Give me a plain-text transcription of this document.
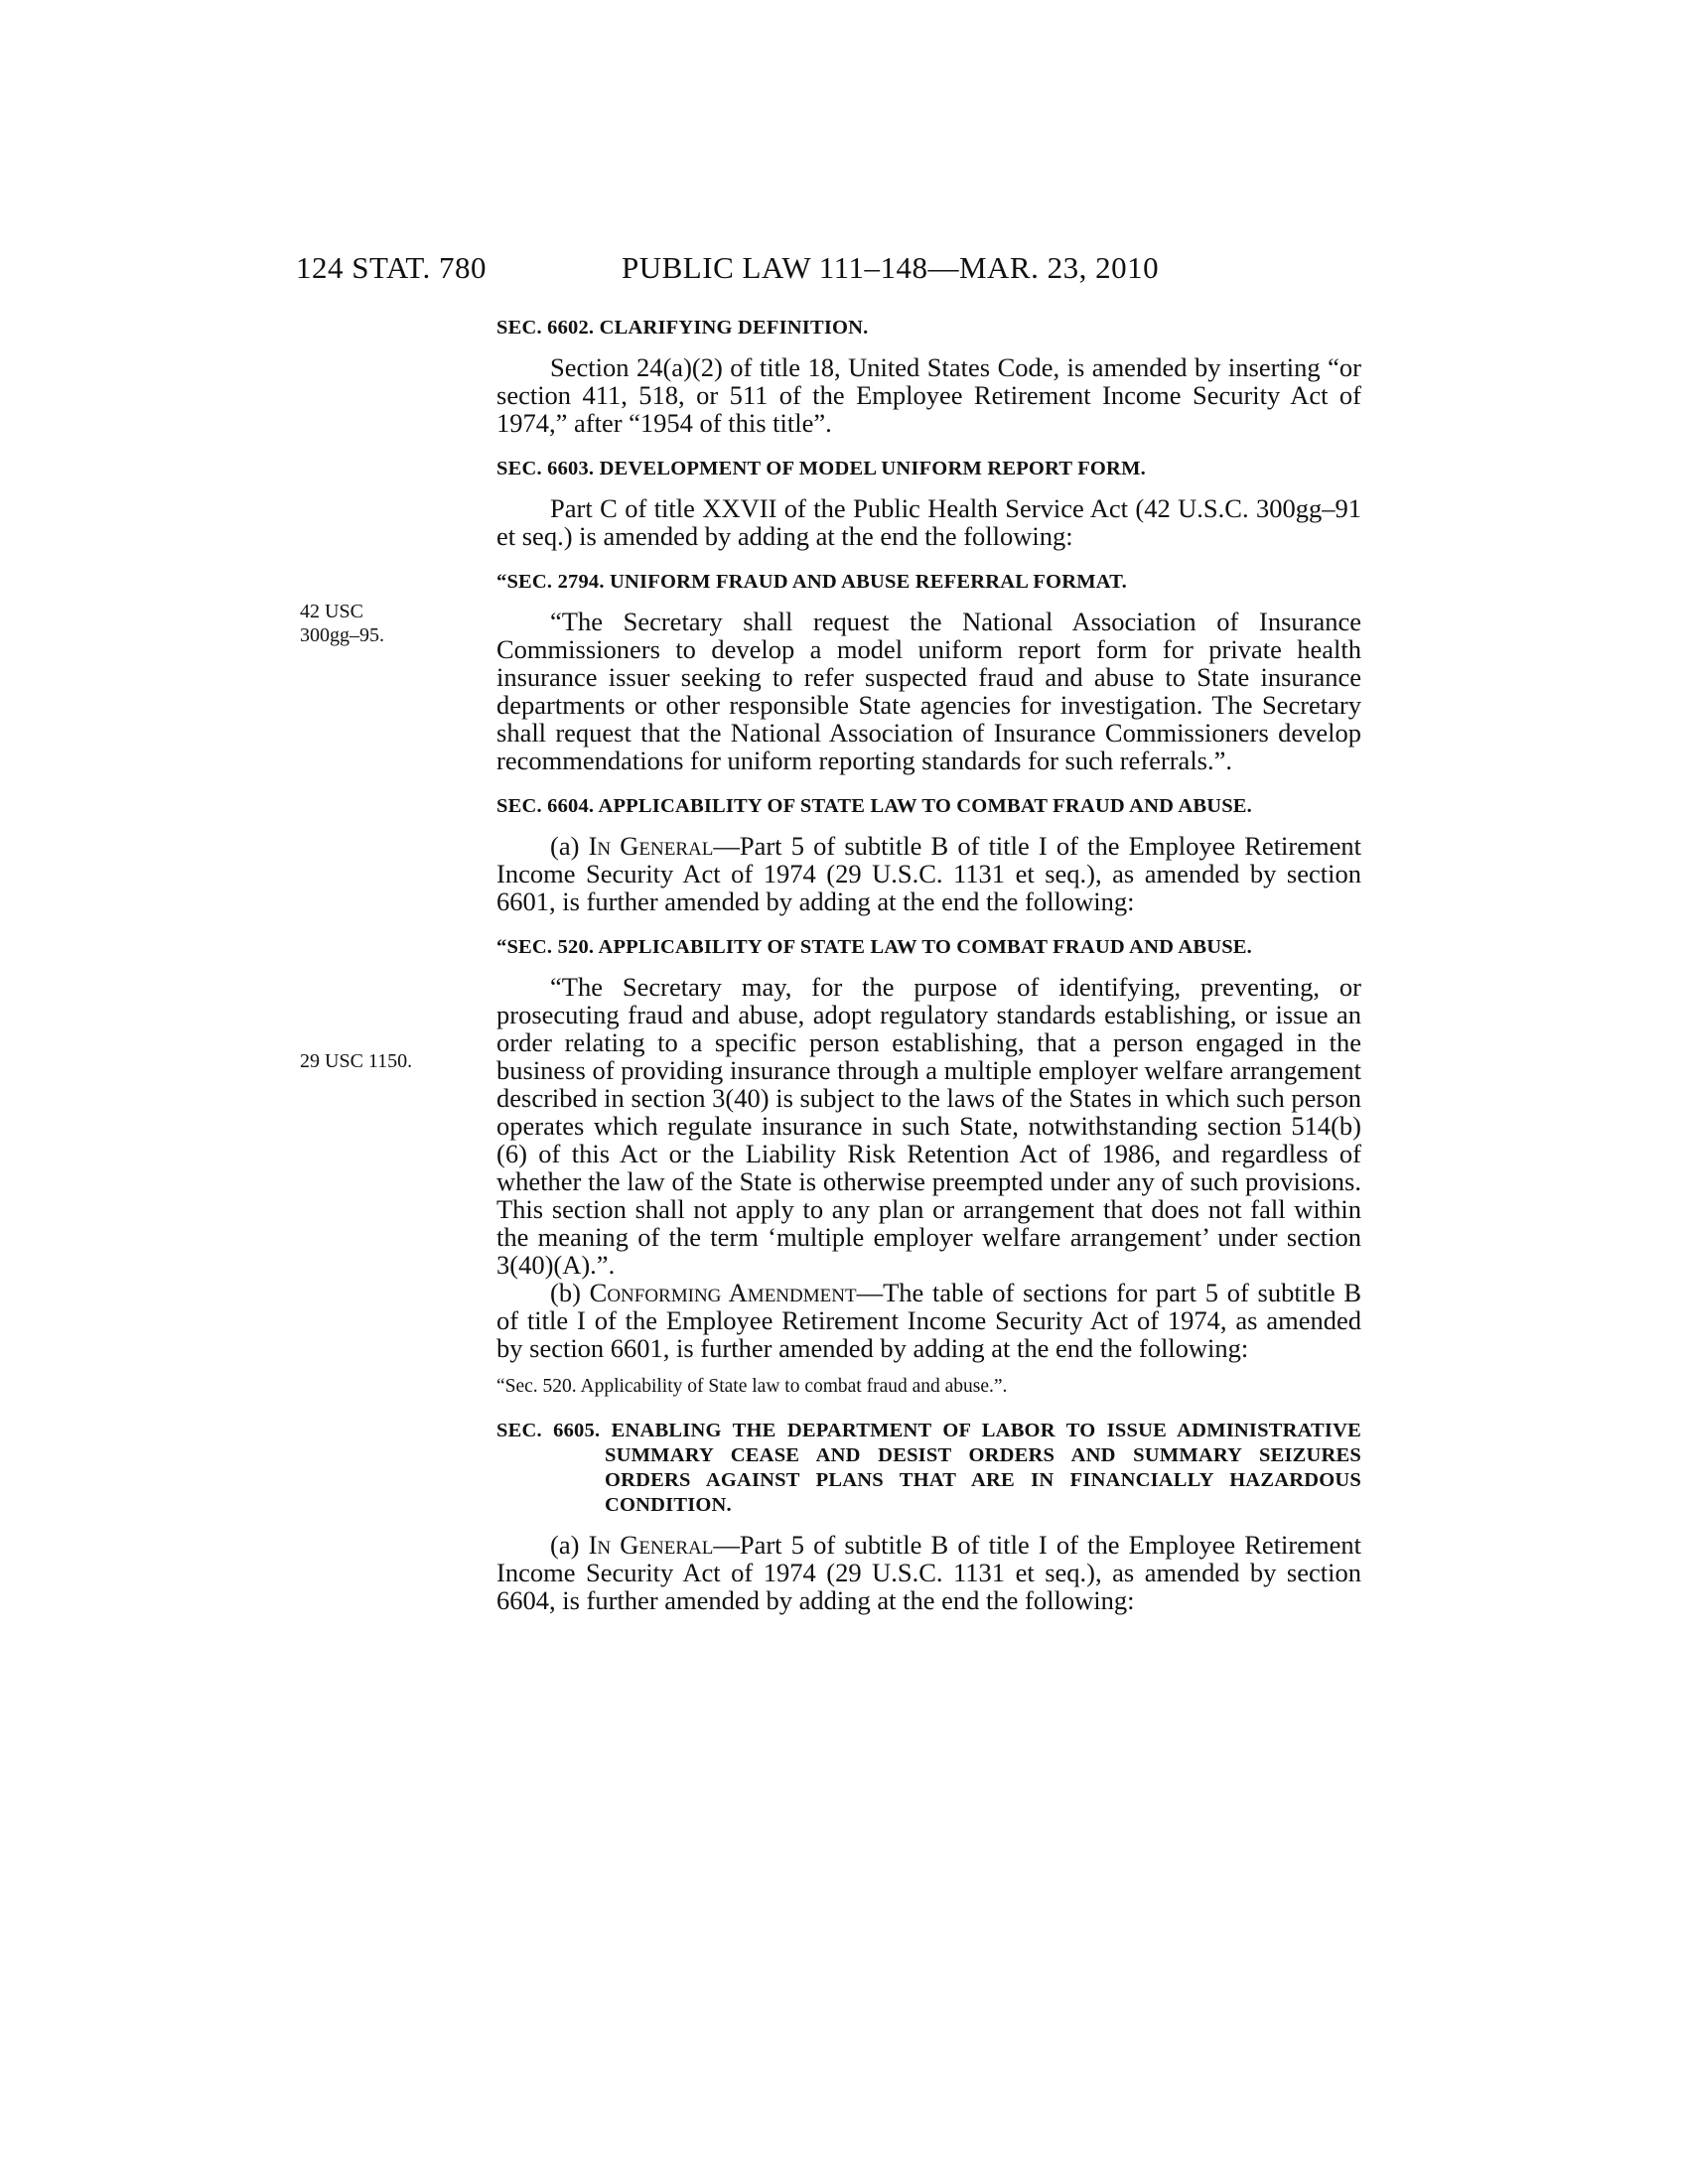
124 STAT. 780	PUBLIC LAW 111–148—MAR. 23, 2010
42 USC
300gg–95.
29 USC 1150.

SEC. 6602. CLARIFYING DEFINITION.

Section 24(a)(2) of title 18, United States Code, is amended by inserting “or section 411, 518, or 511 of the Employee Retirement Income Security Act of 1974,” after “1954 of this title”.

SEC. 6603. DEVELOPMENT OF MODEL UNIFORM REPORT FORM.

Part C of title XXVII of the Public Health Service Act (42 U.S.C. 300gg–91 et seq.) is amended by adding at the end the following:

“SEC. 2794. UNIFORM FRAUD AND ABUSE REFERRAL FORMAT.

“The Secretary shall request the National Association of Insurance Commissioners to develop a model uniform report form for private health insurance issuer seeking to refer suspected fraud and abuse to State insurance departments or other responsible State agencies for investigation. The Secretary shall request that the National Association of Insurance Commissioners develop recommendations for uniform reporting standards for such referrals.”.

SEC. 6604. APPLICABILITY OF STATE LAW TO COMBAT FRAUD AND ABUSE.

(a) In General—Part 5 of subtitle B of title I of the Employee Retirement Income Security Act of 1974 (29 U.S.C. 1131 et seq.), as amended by section 6601, is further amended by adding at the end the following:

“SEC. 520. APPLICABILITY OF STATE LAW TO COMBAT FRAUD AND ABUSE.

“The Secretary may, for the purpose of identifying, preventing, or prosecuting fraud and abuse, adopt regulatory standards establishing, or issue an order relating to a specific person establishing, that a person engaged in the business of providing insurance through a multiple employer welfare arrangement described in section 3(40) is subject to the laws of the States in which such person operates which regulate insurance in such State, notwithstanding section 514(b)(6) of this Act or the Liability Risk Retention Act of 1986, and regardless of whether the law of the State is otherwise preempted under any of such provisions. This section shall not apply to any plan or arrangement that does not fall within the meaning of the term ‘multiple employer welfare arrangement’ under section 3(40)(A).”.

(b) Conforming Amendment—The table of sections for part 5 of subtitle B of title I of the Employee Retirement Income Security Act of 1974, as amended by section 6601, is further amended by adding at the end the following:

“Sec. 520. Applicability of State law to combat fraud and abuse.”.

SEC. 6605. ENABLING THE DEPARTMENT OF LABOR TO ISSUE ADMINISTRATIVE SUMMARY CEASE AND DESIST ORDERS AND SUMMARY SEIZURES ORDERS AGAINST PLANS THAT ARE IN FINANCIALLY HAZARDOUS CONDITION.

(a) In General—Part 5 of subtitle B of title I of the Employee Retirement Income Security Act of 1974 (29 U.S.C. 1131 et seq.), as amended by section 6604, is further amended by adding at the end the following:
